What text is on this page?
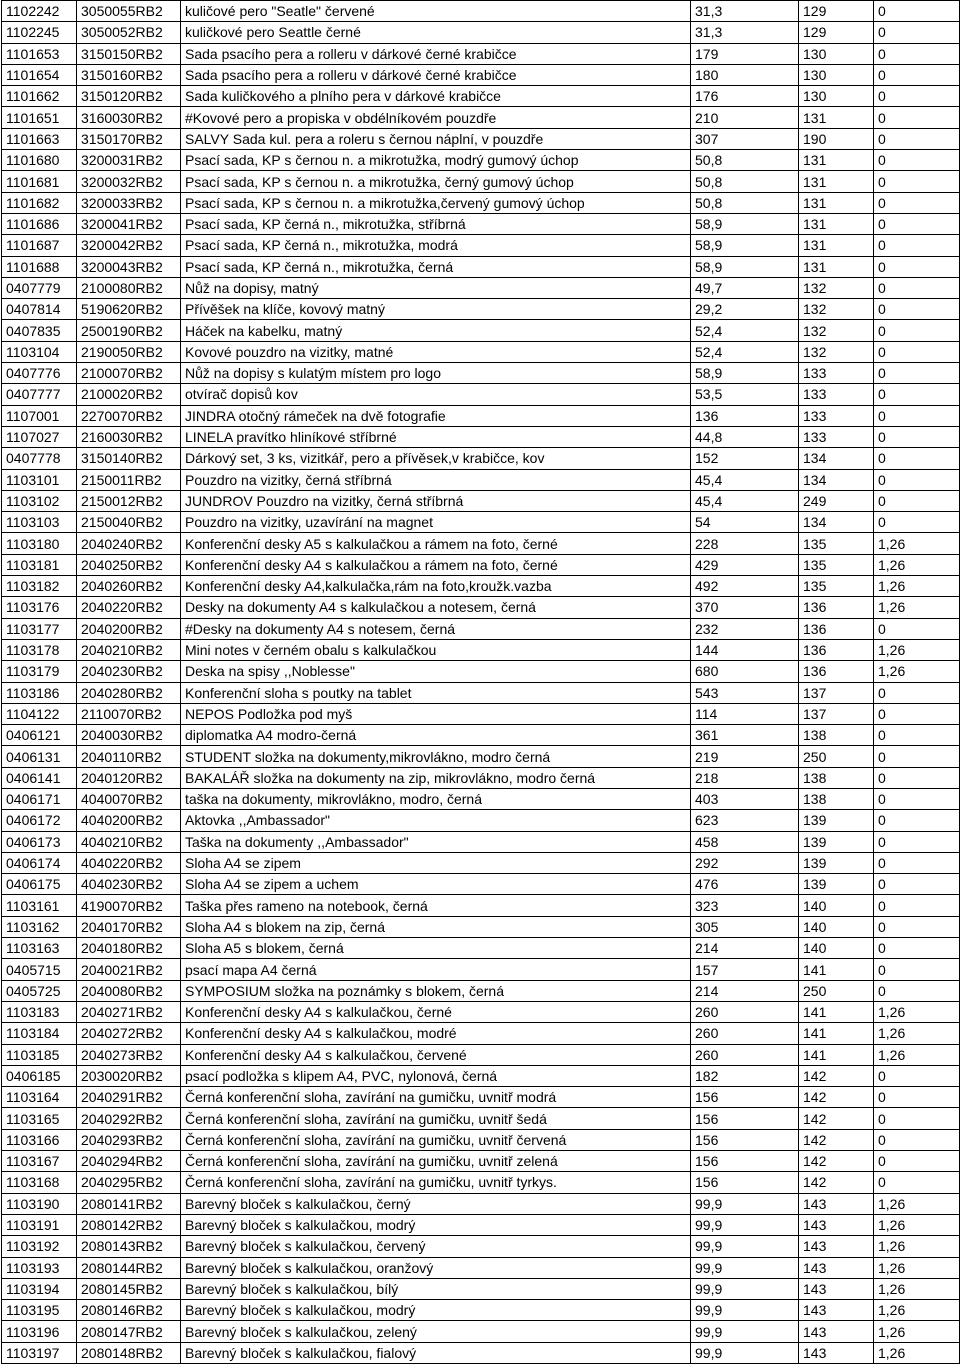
1102242	3050055RB2	kuličové pero "Seatle" červené	31,3	129	0
1102245	3050052RB2	kuličkové pero Seattle černé	31,3	129	0
1101653	3150150RB2	Sada psacího pera a rolleru v dárkové černé krabičce	179	130	0
1101654	3150160RB2	Sada psacího pera a rolleru v dárkové černé krabičce	180	130	0
1101662	3150120RB2	Sada kuličkového a plního pera v dárkové krabičce	176	130	0
1101651	3160030RB2	#Kovové pero a propiska v obdélníkovém pouzdře	210	131	0
1101663	3150170RB2	SALVY Sada kul. pera a roleru s černou náplní, v pouzdře	307	190	0
1101680	3200031RB2	Psací sada, KP s černou n. a mikrotužka, modrý gumový úchop	50,8	131	0
1101681	3200032RB2	Psací sada, KP s černou n. a mikrotužka, černý gumový úchop	50,8	131	0
1101682	3200033RB2	Psací sada, KP s černou n. a mikrotužka,červený gumový úchop	50,8	131	0
1101686	3200041RB2	Psací sada, KP černá n., mikrotužka, stříbrná	58,9	131	0
1101687	3200042RB2	Psací sada, KP černá n., mikrotužka, modrá	58,9	131	0
1101688	3200043RB2	Psací sada, KP černá n., mikrotužka, černá	58,9	131	0
0407779	2100080RB2	Nůž na dopisy, matný	49,7	132	0
0407814	5190620RB2	Přívěšek na klíče, kovový matný	29,2	132	0
0407835	2500190RB2	Háček na kabelku, matný	52,4	132	0
1103104	2190050RB2	Kovové pouzdro na vizitky, matné	52,4	132	0
0407776	2100070RB2	Nůž na dopisy s kulatým místem pro logo	58,9	133	0
0407777	2100020RB2	otvírač dopisů kov	53,5	133	0
1107001	2270070RB2	JINDRA otočný rámeček na dvě fotografie	136	133	0
1107027	2160030RB2	LINELA pravítko hliníkové stříbrné	44,8	133	0
0407778	3150140RB2	Dárkový set, 3 ks, vizitkář, pero a přívěsek,v krabičce, kov	152	134	0
1103101	2150011RB2	Pouzdro na vizitky, černá stříbrná	45,4	134	0
1103102	2150012RB2	JUNDROV Pouzdro na vizitky, černá stříbrná	45,4	249	0
1103103	2150040RB2	Pouzdro na vizitky, uzavírání na magnet	54	134	0
1103180	2040240RB2	Konferenční desky A5 s kalkulačkou a rámem na foto, černé	228	135	1,26
1103181	2040250RB2	Konferenční desky A4 s kalkulačkou a rámem na foto, černé	429	135	1,26
1103182	2040260RB2	Konferenční desky A4,kalkulačka,rám na foto,kroužk.vazba	492	135	1,26
1103176	2040220RB2	Desky na dokumenty A4 s kalkulačkou a notesem, černá	370	136	1,26
1103177	2040200RB2	#Desky na dokumenty A4 s notesem, černá	232	136	0
1103178	2040210RB2	Mini notes v černém obalu s kalkulačkou	144	136	1,26
1103179	2040230RB2	Deska na spisy ,,Noblesse"	680	136	1,26
1103186	2040280RB2	Konferenční sloha s poutky na tablet	543	137	0
1104122	2110070RB2	NEPOS Podložka pod myš	114	137	0
0406121	2040030RB2	diplomatka A4 modro-černá	361	138	0
0406131	2040110RB2	STUDENT složka na dokumenty,mikrovlákno, modro černá	219	250	0
0406141	2040120RB2	BAKALÁŘ složka na dokumenty na zip, mikrovlákno, modro černá	218	138	0
0406171	4040070RB2	taška na dokumenty, mikrovlákno, modro, černá	403	138	0
0406172	4040200RB2	Aktovka ,,Ambassador"	623	139	0
0406173	4040210RB2	Taška na dokumenty ,,Ambassador"	458	139	0
0406174	4040220RB2	Sloha A4 se zipem	292	139	0
0406175	4040230RB2	Sloha A4 se zipem a uchem	476	139	0
1103161	4190070RB2	Taška přes rameno na notebook, černá	323	140	0
1103162	2040170RB2	Sloha A4 s blokem na zip, černá	305	140	0
1103163	2040180RB2	Sloha A5 s blokem, černá	214	140	0
0405715	2040021RB2	psací mapa A4 černá	157	141	0
0405725	2040080RB2	SYMPOSIUM složka na poznámky s blokem, černá	214	250	0
1103183	2040271RB2	Konferenční desky A4 s kalkulačkou, černé	260	141	1,26
1103184	2040272RB2	Konferenční desky A4 s kalkulačkou, modré	260	141	1,26
1103185	2040273RB2	Konferenční desky A4 s kalkulačkou, červené	260	141	1,26
0406185	2030020RB2	psací podložka s klipem A4, PVC, nylonová, černá	182	142	0
1103164	2040291RB2	Černá konferenční sloha, zavírání na gumičku, uvnitř modrá	156	142	0
1103165	2040292RB2	Černá konferenční sloha, zavírání na gumičku, uvnitř šedá	156	142	0
1103166	2040293RB2	Černá konferenční sloha, zavírání na gumičku, uvnitř červená	156	142	0
1103167	2040294RB2	Černá konferenční sloha, zavírání na gumičku, uvnitř zelená	156	142	0
1103168	2040295RB2	Černá konferenční sloha, zavírání na gumičku, uvnitř tyrkys.	156	142	0
1103190	2080141RB2	Barevný bloček s kalkulačkou, černý	99,9	143	1,26
1103191	2080142RB2	Barevný bloček s kalkulačkou, modrý	99,9	143	1,26
1103192	2080143RB2	Barevný bloček s kalkulačkou, červený	99,9	143	1,26
1103193	2080144RB2	Barevný bloček s kalkulačkou, oranžový	99,9	143	1,26
1103194	2080145RB2	Barevný bloček s kalkulačkou, bílý	99,9	143	1,26
1103195	2080146RB2	Barevný bloček s kalkulačkou, modrý	99,9	143	1,26
1103196	2080147RB2	Barevný bloček s kalkulačkou, zelený	99,9	143	1,26
1103197	2080148RB2	Barevný bloček s kalkulačkou, fialový	99,9	143	1,26
